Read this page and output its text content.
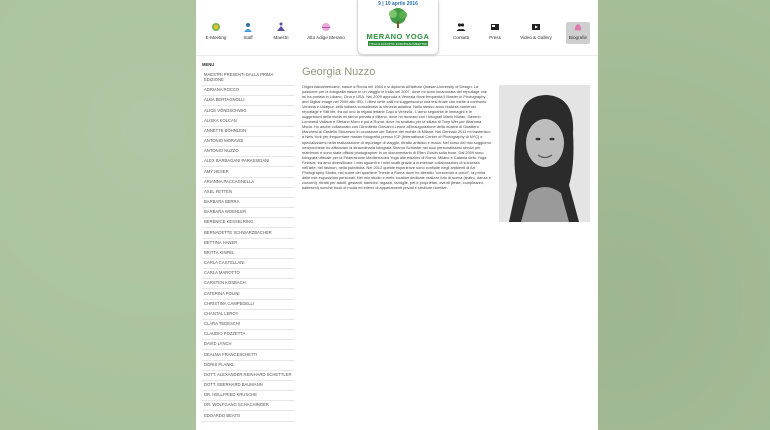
E-Meeting	Staff	Maestri	Alto Adige Merano
9 | 10 aprile 2016
MERANO YOGA
YOGA & HOLISTIC EUROPEAN MEETING
Contatti	Press	Video & Gallery	Biografie
MENU
MAESTRI PRESENTI DALLA PRIMA EDIZIONE
ADRIANA ROCCO
ALBA BERTAGNOLLI
ALICE VÖNDSCHWIG
ALISKA KOLCAN
ANNETTE BÖHNLEIN
ANTONIO MORAVDI
ANTONIO NUZZO
ALEX BARBAGANI PARASSIDANI
AMY HESER
ARIANNA PACCAGNELLA
AXEL FETTEN
BARBARA BERRA
BARBARA WOEHLER
BERENICE KESSELRING
BERNADETTE SCHWARZBACHER
BETTINA HANER
BRITTA KINPEL
CARLA CASTELLANI
CARLA MAROTTO
CARSTEN KOSBACH
CATERINA POLINI
CHRISTINA CAMPEDELLI
CHANTAL LEROY
CLARA TEDESCHI
CLAUDIO POZZETTA
DAVID LYNCH
DEALMA FRANCESCHETTI
DORIS PLANKL
DOTT. ALEXANDER REINHARD SCHETTLER
DOTT. EBERHARD BAUMANN
DR. HELLFRIED KRUSCHE
DR. WOLFGANG SCHACHINGER
EDOARDO BEATO
Georgia Nuzzo
Origini italoamericane, nasce a Roma nel 1984 e si diploma all'Istituto Quasar-University of Design. La passione per la fotografia nasce in un viaggio in India nel 2007, dove mi sono innamorata del reportage che mi ha portata in Libano, Cina e USA. Nel 2009 approda a Venezia dove frequenta il Master in Photography and Digital Image nel 2009 allo IED. I rilievi delle calli mi suggeriscono una tesi finale che mette a confronto Venezia e Udaipur, città indiana considerata la Venezia asiatica. Nello stesso anno realizza numerosi reportage e Still life, fra cui uno la regata lettarie Capi a Venezia . L'anno seguente le immagini e le suggestioni della moda mi fanno portata a Milano, dove ho lavorato con i fotografi Mario Niutan, Saverio Lombardi Vallauri e Stefano Moro e poi a Roma, dove ho scattato per la sfilata di Tony Wer per Altaroma Moda. Ho anche collaborato con l'Architetto Giovanni Leone all'inaugurazione della mostra di Gualtiero Marchesi al Castello Sforzesco in occasione del Salone del mobile di Milano. Nel Gennaio 2011 mi trasferisco a New York per frequentare master fotografici presso ICP (International Center of Photography di NYC) e specializzarmi nella realizzazione di reportage di viaggio, ritratto artistico e moda. Nel corso del mio soggiorno newyorchese ho affiancato la straordinaria fotografa Sharon Schuster nei suoi personalissimi servizi per matrimoni e sono stata official photographer in un documentario di Ellen Goslin sulla boxe. Dal 2009 sono fotografa ufficiale per la Federazione Mediterranea Yoga alle edizioni di Roma, Milano e Catania dello Yoga Festival, tra amo diversificare i miei sguardi e i miei scatti grazie a numerose collaborazioni di successo nell'arte, nel fashion, nella pubblicità. Nel 2012 queste esperienze sono confluite negli ambienti di Art Photography Studio, nel cuore del quartiere Trieste a Roma dove ho allestito "crescendo a colori", la prima delle mie esposizioni personali. Nel mio studio e mete location dedicate realizzo foto di scena (teatro, danza e concerti), ritratti per adulti, gestanti, bambini, ragazzi, famiglie, pet e proprietari, eventi (feste, compleanni, battesimi) nonché book di moda ed interni di appartamenti privati e strutture ricettive.
